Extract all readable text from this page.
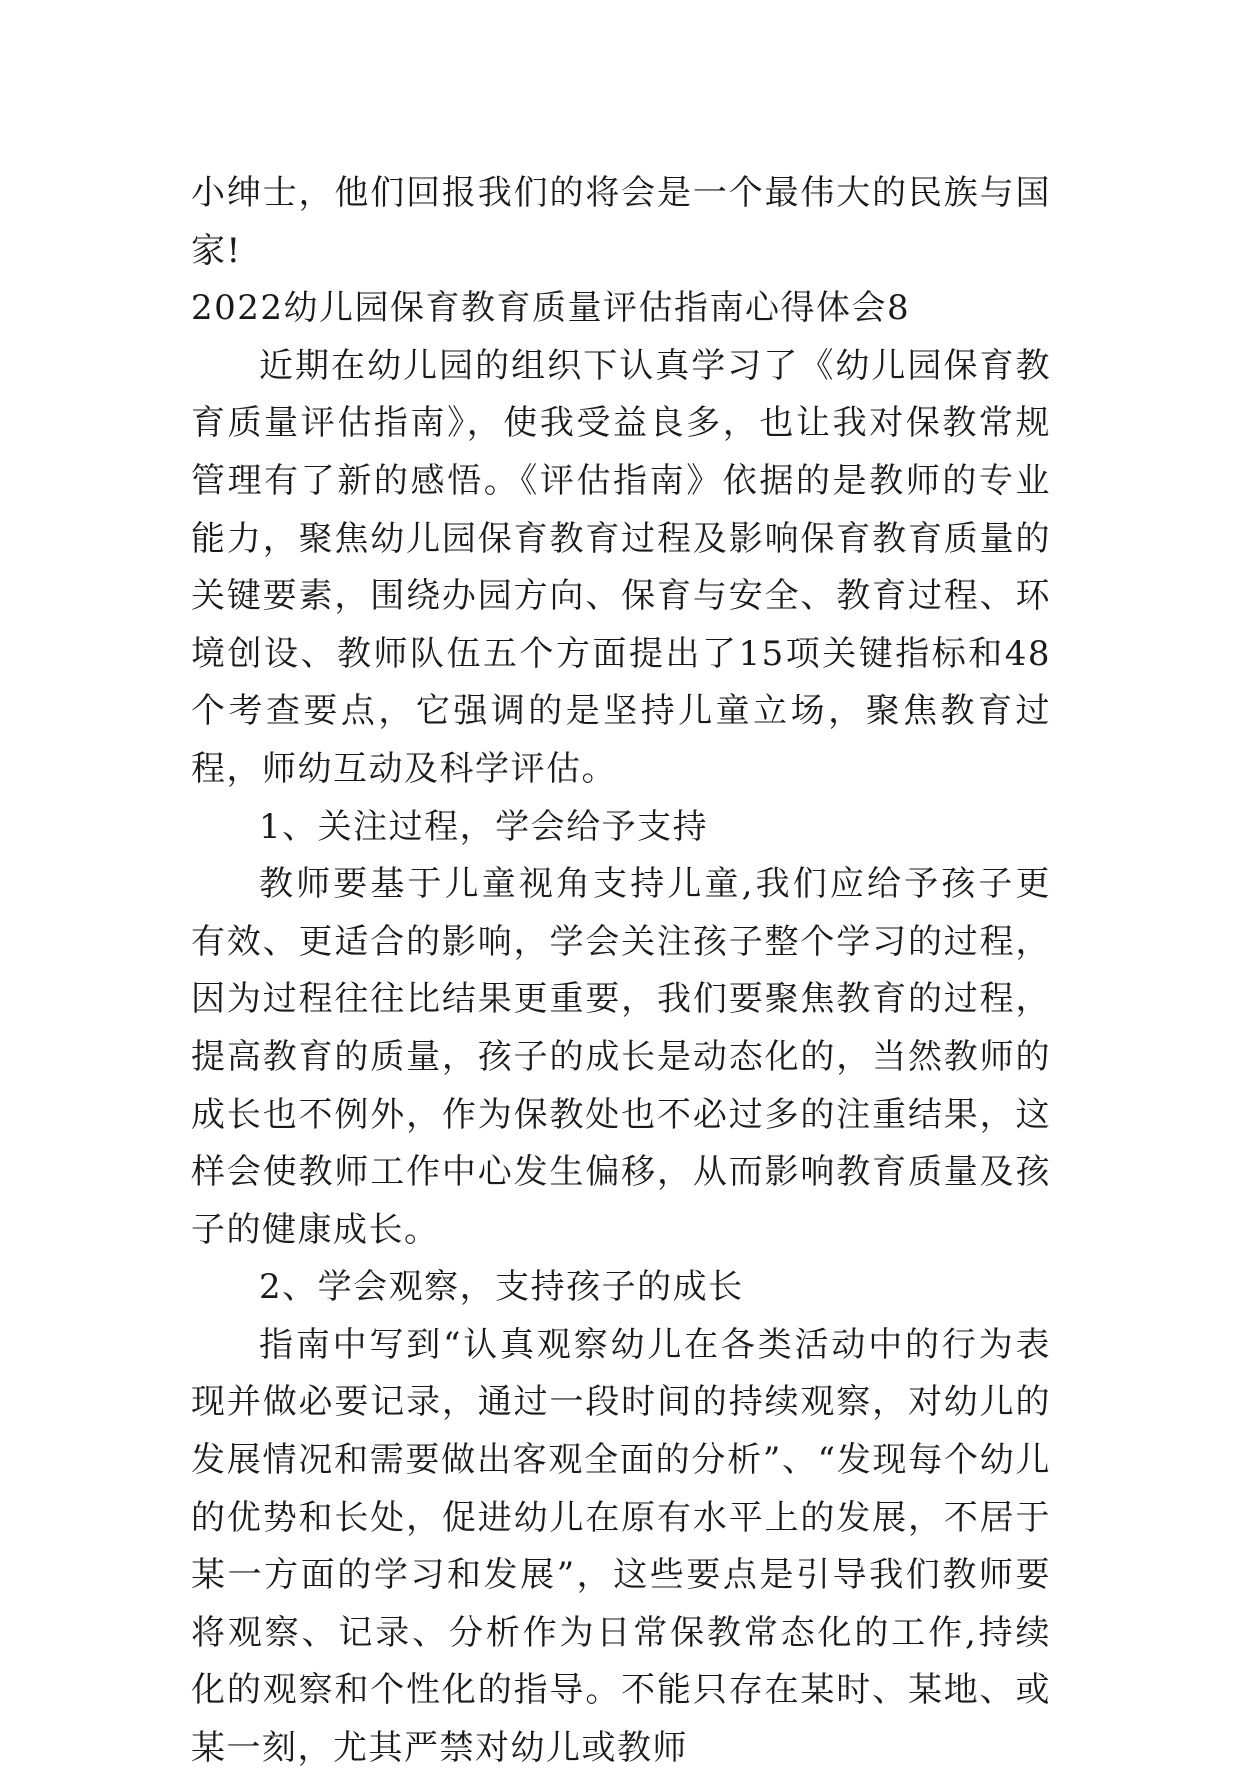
小绅士，他们回报我们的将会是一个最伟大的民族与国家!

2022幼儿园保育教育质量评估指南心得体会8

近期在幼儿园的组织下认真学习了《幼儿园保育教育质量评估指南》，使我受益良多，也让我对保教常规管理有了新的感悟。《评估指南》依据的是教师的专业能力，聚焦幼儿园保育教育过程及影响保育教育质量的关键要素，围绕办园方向、保育与安全、教育过程、环境创设、教师队伍五个方面提出了15项关键指标和48个考查要点，它强调的是坚持儿童立场，聚焦教育过程，师幼互动及科学评估。

1、关注过程，学会给予支持

教师要基于儿童视角支持儿童,我们应给予孩子更有效、更适合的影响，学会关注孩子整个学习的过程，因为过程往往比结果更重要，我们要聚焦教育的过程，提高教育的质量，孩子的成长是动态化的，当然教师的成长也不例外，作为保教处也不必过多的注重结果，这样会使教师工作中心发生偏移，从而影响教育质量及孩子的健康成长。

2、学会观察，支持孩子的成长

指南中写到“认真观察幼儿在各类活动中的行为表现并做必要记录，通过一段时间的持续观察，对幼儿的发展情况和需要做出客观全面的分析”、“发现每个幼儿的优势和长处，促进幼儿在原有水平上的发展，不居于某一方面的学习和发展”，这些要点是引导我们教师要将观察、记录、分析作为日常保教常态化的工作,持续化的观察和个性化的指导。不能只存在某时、某地、或某一刻，尤其严禁对幼儿或教师
